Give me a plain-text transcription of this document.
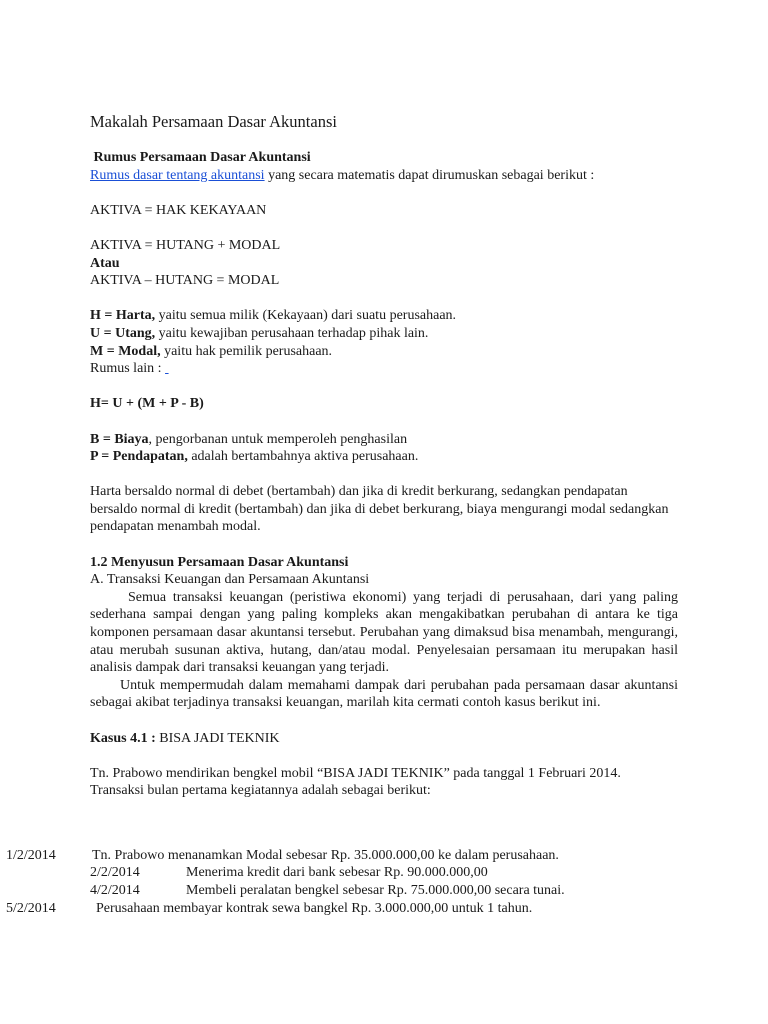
Makalah Persamaan Dasar Akuntansi
Rumus Persamaan Dasar Akuntansi
Rumus dasar tentang akuntansi yang secara matematis dapat dirumuskan sebagai berikut :
AKTIVA = HAK KEKAYAAN
AKTIVA = HUTANG + MODAL
Atau
AKTIVA – HUTANG = MODAL
H = Harta, yaitu semua milik (Kekayaan) dari suatu perusahaan.
U = Utang, yaitu kewajiban perusahaan terhadap pihak lain.
M = Modal, yaitu hak pemilik perusahaan.
Rumus lain :
H= U + (M + P - B)
B = Biaya, pengorbanan untuk memperoleh penghasilan
P = Pendapatan, adalah bertambahnya aktiva perusahaan.
Harta bersaldo normal di debet (bertambah) dan jika di kredit berkurang, sedangkan pendapatan bersaldo normal di kredit (bertambah) dan jika di debet berkurang, biaya mengurangi modal sedangkan pendapatan menambah modal.
1.2 Menyusun Persamaan Dasar Akuntansi
A. Transaksi Keuangan dan Persamaan Akuntansi
Semua transaksi keuangan (peristiwa ekonomi) yang terjadi di perusahaan, dari yang paling sederhana sampai dengan yang paling kompleks akan mengakibatkan perubahan di antara ke tiga komponen persamaan dasar akuntansi tersebut. Perubahan yang dimaksud bisa menambah, mengurangi, atau merubah susunan aktiva, hutang, dan/atau modal. Penyelesaian persamaan itu merupakan hasil analisis dampak dari transaksi keuangan yang terjadi.
Untuk mempermudah dalam memahami dampak dari perubahan pada persamaan dasar akuntansi sebagai akibat terjadinya transaksi keuangan, marilah kita cermati contoh kasus berikut ini.
Kasus 4.1 : BISA JADI TEKNIK
Tn. Prabowo mendirikan bengkel mobil “BISA JADI TEKNIK” pada tanggal 1 Februari 2014. Transaksi bulan pertama kegiatannya adalah sebagai berikut:
1/2/2014	Tn. Prabowo menanamkan Modal sebesar Rp. 35.000.000,00 ke dalam perusahaan.
2/2/2014	Menerima kredit dari bank sebesar Rp. 90.000.000,00
4/2/2014	Membeli peralatan bengkel sebesar Rp. 75.000.000,00 secara tunai.
5/2/2014	Perusahaan membayar kontrak sewa bangkel Rp. 3.000.000,00 untuk 1 tahun.
